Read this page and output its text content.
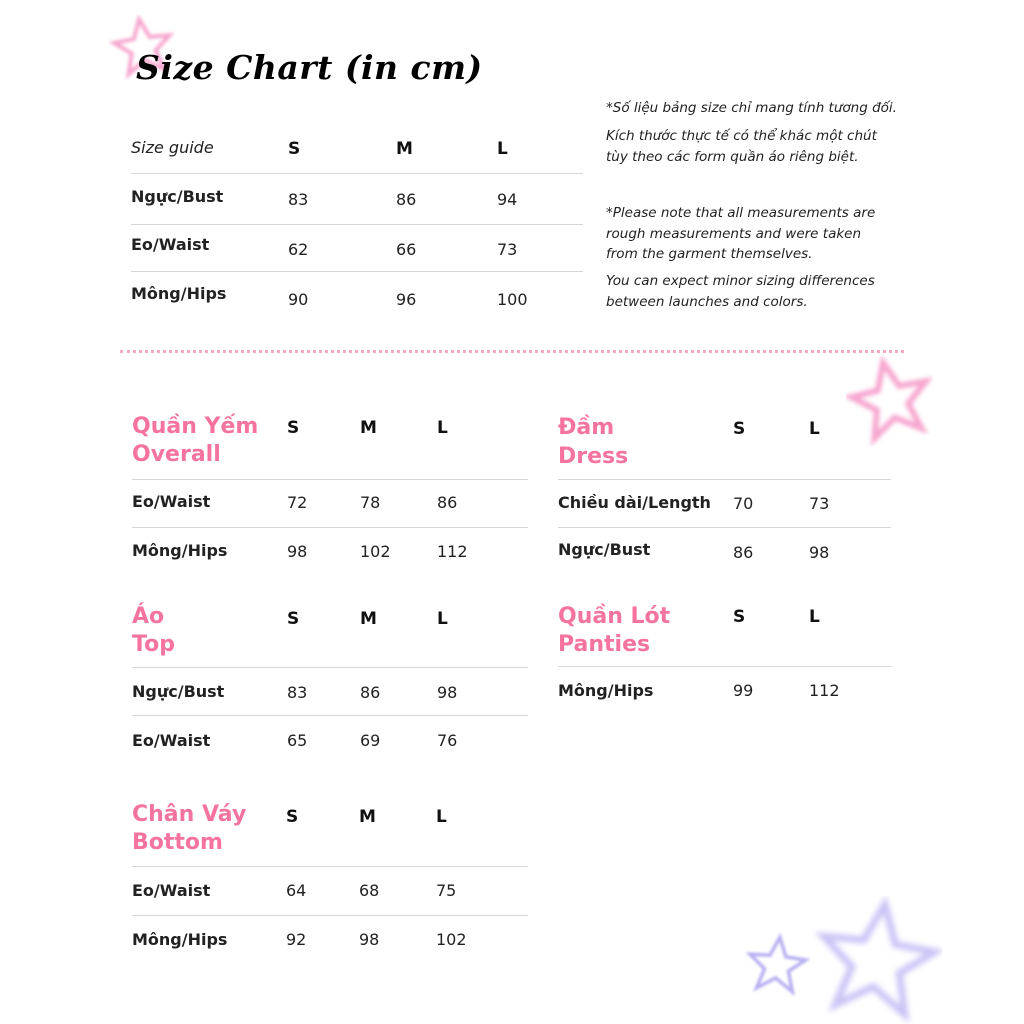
Size Chart (in cm)
Size guide	S	M	L
Ngực/Bust	83	86	94
Eo/Waist	62	66	73
Mông/Hips	90	96	100
*Số liệu bảng size chỉ mang tính tương đối.
Kích thước thực tế có thể khác một chút tùy theo các form quần áo riêng biệt.
*Please note that all measurements are rough measurements and were taken from the garment themselves.
You can expect minor sizing differences between launches and colors.
Quần Yếm
Overall
S	M	L
Eo/Waist	72	78	86
Mông/Hips	98	102	112
Áo
Top
S	M	L
Ngực/Bust	83	86	98
Eo/Waist	65	69	76
Chân Váy
Bottom
S	M	L
Eo/Waist	64	68	75
Mông/Hips	92	98	102
Đầm
Dress
S	L
Chiều dài/Length 70	73
Ngực/Bust	86	98
Quần Lót
Panties
S	L
Mông/Hips	99	112
